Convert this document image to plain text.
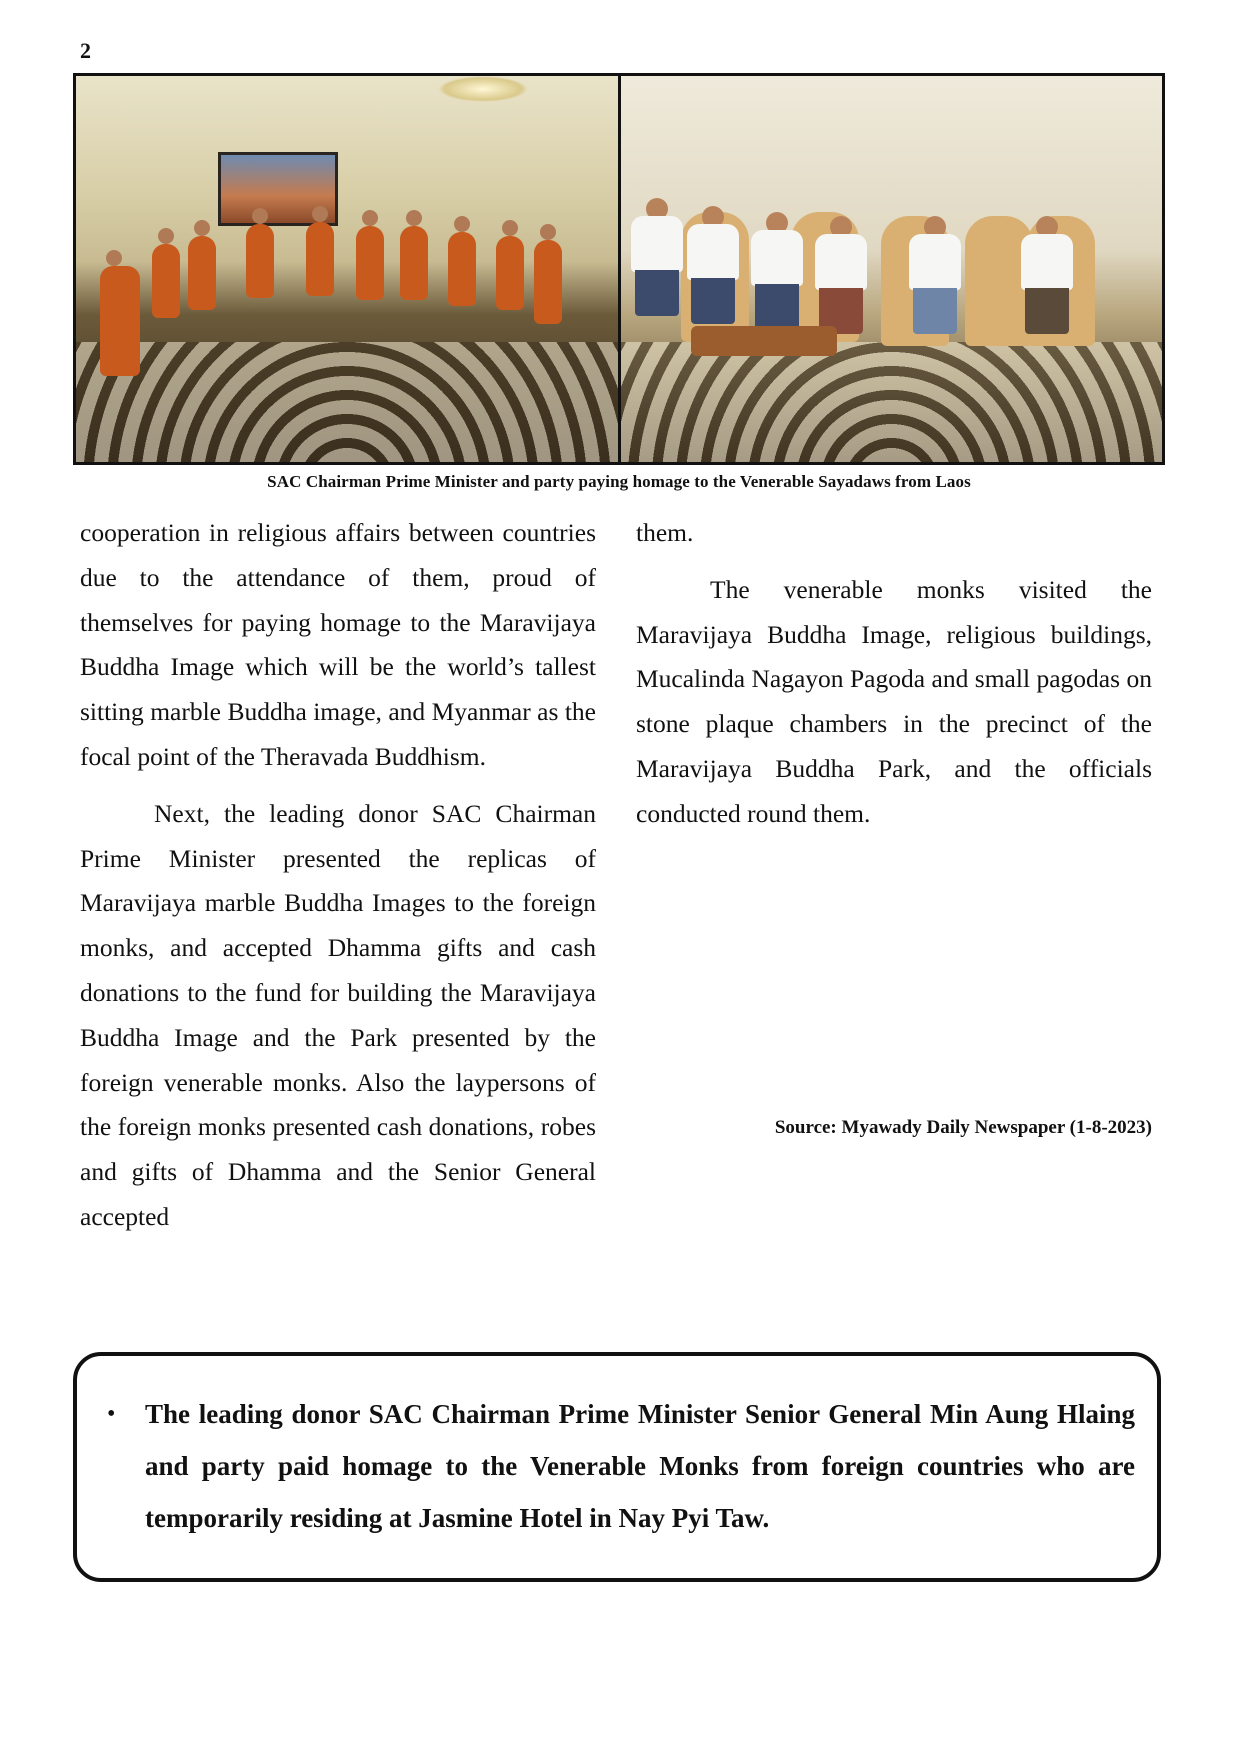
2
SAC Chairman Prime Minister and party paying homage to the Venerable Sayadaws from Laos

cooperation in religious affairs between countries due to the attendance of them, proud of themselves for paying homage to the Maravijaya Buddha Image which will be the world’s tallest sitting marble Buddha image, and Myanmar as the focal point of the Theravada Buddhism.

Next, the leading donor SAC Chairman Prime Minister presented the replicas of Maravijaya marble Buddha Images to the foreign monks, and accepted Dhamma gifts and cash donations to the fund for building the Maravijaya Buddha Image and the Park presented by the foreign venerable monks. Also the laypersons of the foreign monks presented cash donations, robes and gifts of Dhamma and the Senior General accepted

them.

The venerable monks visited the Maravijaya Buddha Image, religious buildings, Mucalinda Nagayon Pagoda and small pagodas on stone plaque chambers in the precinct of the Maravijaya Buddha Park, and the officials conducted round them.

Source: Myawady Daily Newspaper (1-8-2023)
•	The leading donor SAC Chairman Prime Minister Senior General Min Aung Hlaing and party paid homage to the Venerable Monks from foreign countries who are temporarily residing at Jasmine Hotel in Nay Pyi Taw.
